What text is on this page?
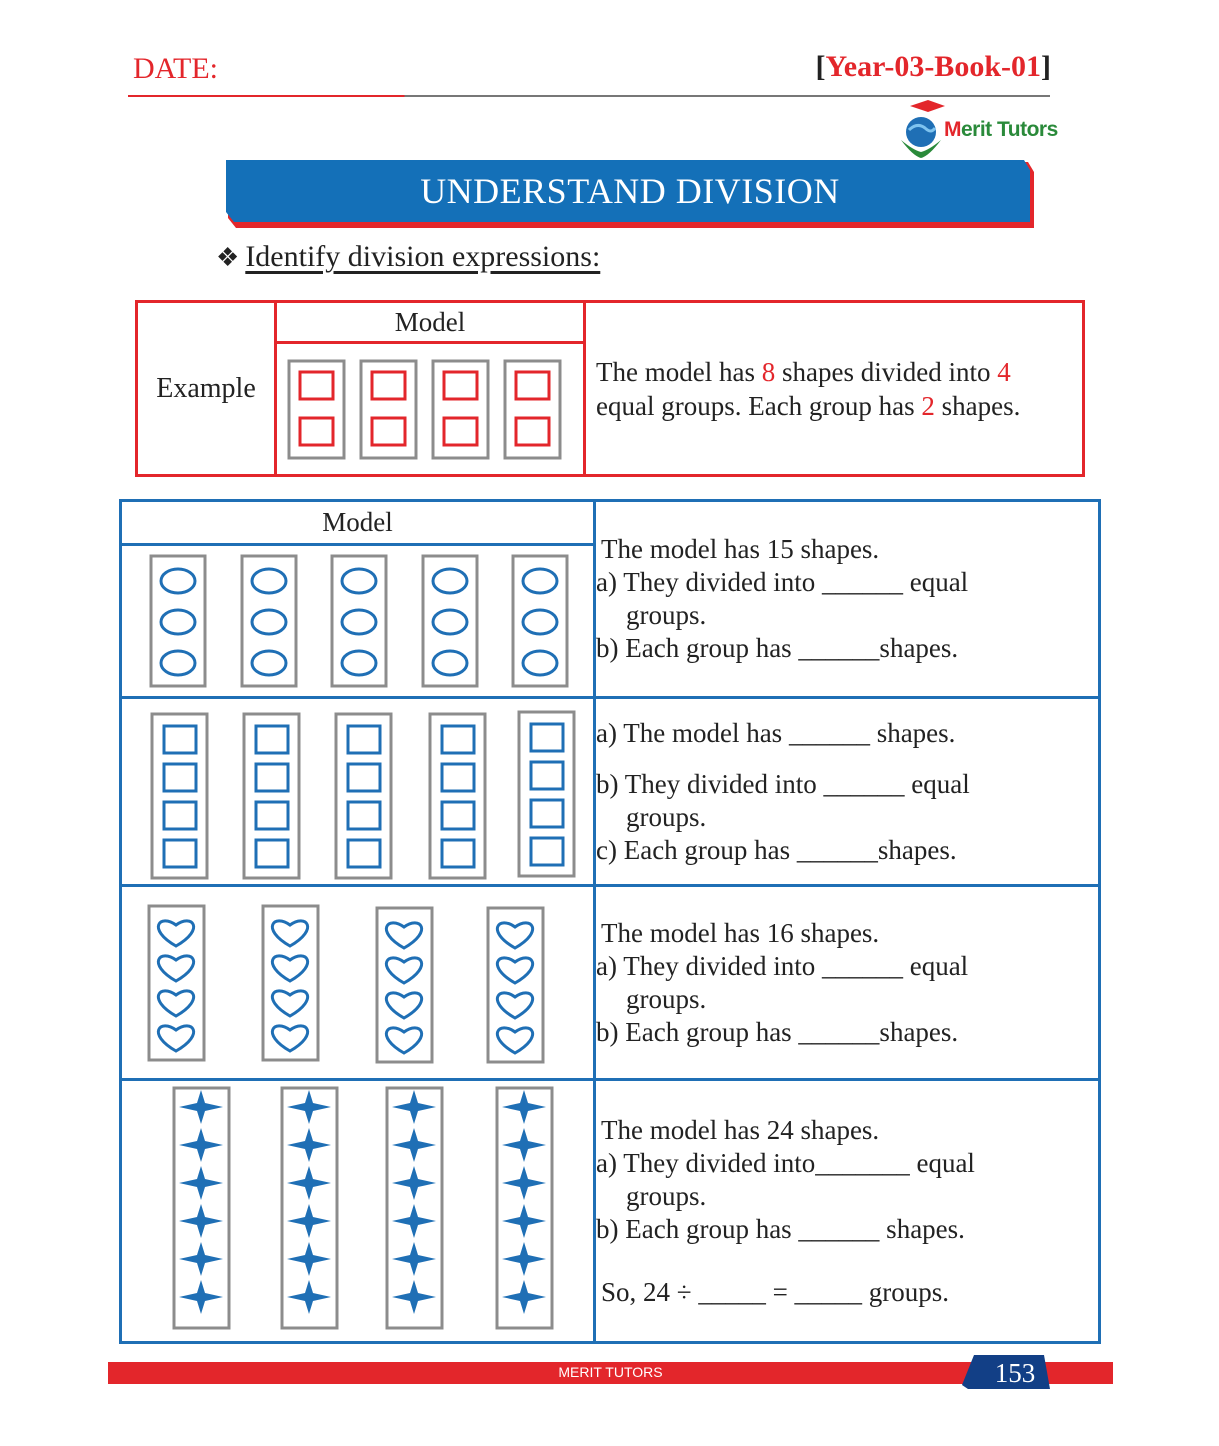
DATE:	[Year-03-Book-01]
Merit Tutors
UNDERSTAND DIVISION
❖ Identify division expressions:
Example	Model	The model has 8 shapes divided into 4
equal groups. Each group has 2 shapes.

Model	The model has 15 shapes.

a) They divided into ______ equal

groups.

b) Each group has ______shapes.

a) The model has ______ shapes.

b) They divided into ______ equal

groups.

c) Each group has ______shapes.

The model has 16 shapes.

a) They divided into ______ equal

groups.

b) Each group has ______shapes.

The model has 24 shapes.

a) They divided into_______ equal

groups.

b) Each group has ______ shapes.

So, 24 ÷ _____ = _____ groups.

MERIT TUTORS	153
